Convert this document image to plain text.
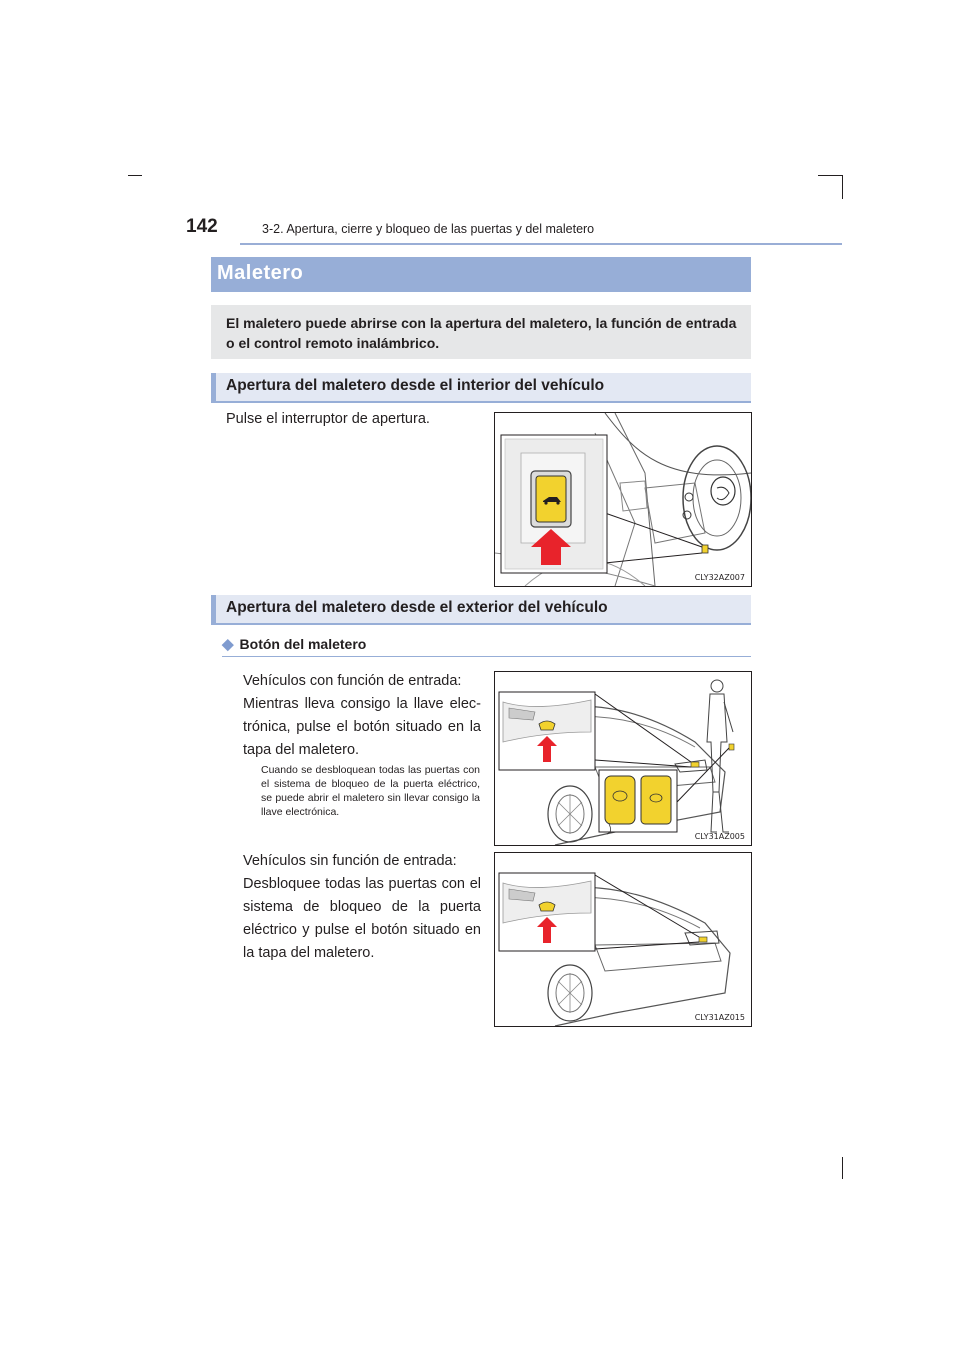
142	3-2. Apertura, cierre y bloqueo de las puertas y del maletero
Maletero

El maletero puede abrirse con la apertura del maletero, la función de entrada o el control remoto inalámbrico.

Apertura del maletero desde el interior del vehículo
Pulse el interruptor de apertura.
CLY32AZ007
Apertura del maletero desde el exterior del vehículo
◆ Botón del maletero
Vehículos con función de entrada:
Mientras lleva consigo la llave elec-trónica, pulse el botón situado en la tapa del maletero.
Cuando se desbloquean todas las puertas con el sistema de bloqueo de la puerta eléctrico, se puede abrir el maletero sin llevar consigo la llave electrónica.
CLY31AZ005
Vehículos sin función de entrada:
Desbloquee todas las puertas con el sistema de bloqueo de la puerta eléctrico y pulse el botón situado en la tapa del maletero.
CLY31AZ015
